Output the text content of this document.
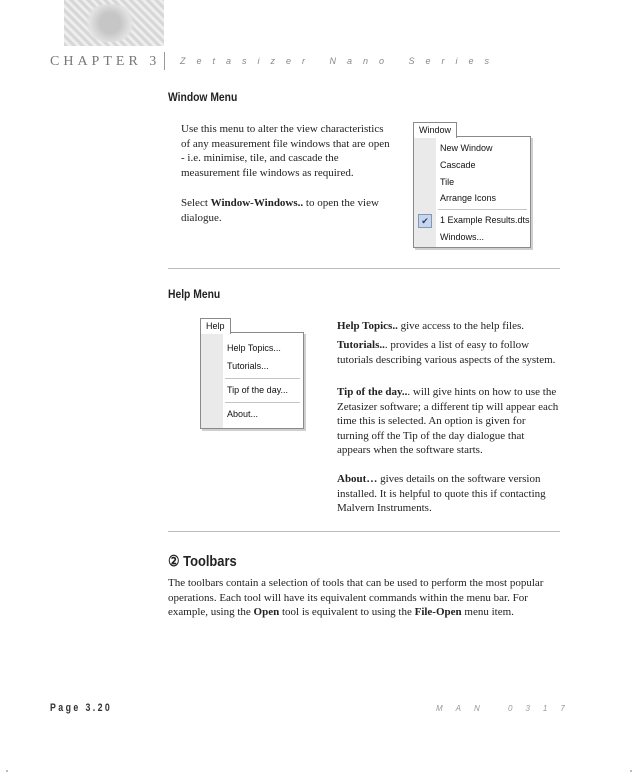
CHAPTER 3 Zetasizer Nano Series
Window Menu

Use this menu to alter the view characteristics of any measurement file windows that are open - i.e. minimise, tile, and cascade the measurement file windows as required.

Select Window-Windows.. to open the view dialogue.

Window
New Window
Cascade
Tile
Arrange Icons
✔	1 Example Results.dts
Windows...
Help Menu
Help
Help Topics...
Tutorials...
Tip of the day...
About...

Help Topics.. give access to the help files.

Tutorials... provides a list of easy to follow tutorials describing various aspects of the system.

Tip of the day... will give hints on how to use the Zetasizer software; a different tip will appear each time this is selected. An option is given for turning off the Tip of the day dialogue that appears when the software starts.

About… gives details on the software version installed. It is helpful to quote this if contacting Malvern Instruments.

② Toolbars

The toolbars contain a selection of tools that can be used to perform the most popular operations. Each tool will have its equivalent commands within the menu bar. For example, using the Open tool is equivalent to using the File-Open menu item.

Page 3.20	MAN 0317
